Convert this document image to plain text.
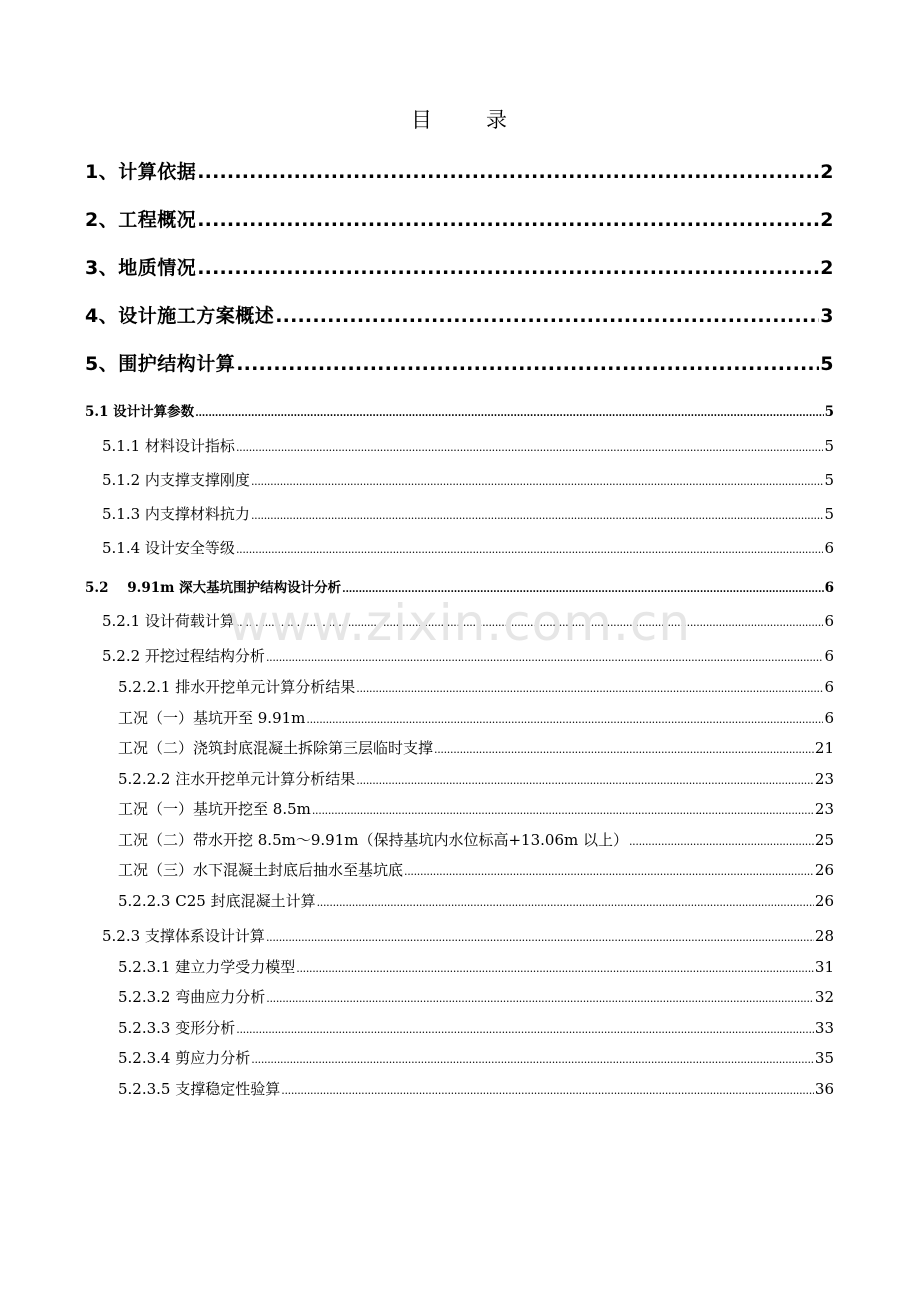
目 录
1、计算依据 .....	2
2、工程概况 .....	2
3、地质情况 .....	2
4、设计施工方案概述 .....	3
5、围护结构计算 .....	5
5.1 设计计算参数 .....	5
5.1.1 材料设计指标 .....	5
5.1.2 内支撑支撑刚度 .....	5
5.1.3 内支撑材料抗力 .....	5
5.1.4 设计安全等级 .....	6
5.2    9.91m 深大基坑围护结构设计分析 .....	6
5.2.1 设计荷载计算 .....	6
5.2.2 开挖过程结构分析 .....	6
5.2.2.1 排水开挖单元计算分析结果 .....	6
工况（一）基坑开至 9.91m .....	6
工况（二）浇筑封底混凝土拆除第三层临时支撑 .....	21
5.2.2.2 注水开挖单元计算分析结果 .....	23
工况（一）基坑开挖至 8.5m .....	23
工况（二）带水开挖 8.5m～9.91m（保持基坑内水位标高+13.06m 以上） .....	25
工况（三）水下混凝土封底后抽水至基坑底 .....	26
5.2.2.3 C25 封底混凝土计算 .....	26
5.2.3 支撑体系设计计算 .....	28
5.2.3.1 建立力学受力模型 .....	31
5.2.3.2 弯曲应力分析 .....	32
5.2.3.3 变形分析 .....	33
5.2.3.4 剪应力分析 .....	35
5.2.3.5 支撑稳定性验算 .....	36
www.zixin.com.cn
